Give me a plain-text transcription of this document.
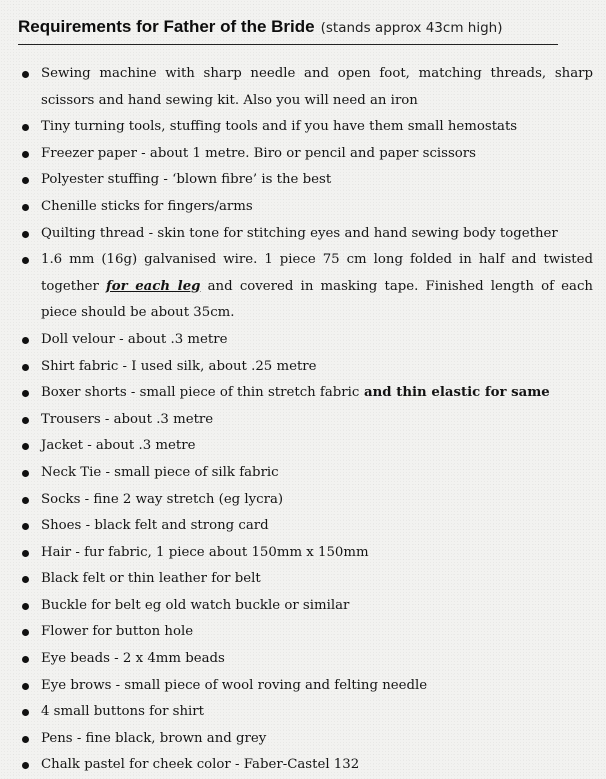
Requirements for Father of the Bride (stands approx 43cm high)
Sewing machine with sharp needle and open foot, matching threads, sharp scissors and hand sewing kit. Also you will need an iron
Tiny turning tools, stuffing tools and if you have them small hemostats
Freezer paper - about 1 metre. Biro or pencil and paper scissors
Polyester stuffing - ‘blown fibre’ is the best
Chenille sticks for fingers/arms
Quilting thread - skin tone for stitching eyes and hand sewing body together
1.6 mm (16g) galvanised wire. 1 piece 75 cm long folded in half and twisted together for each leg and covered in masking tape. Finished length of each piece should be about 35cm.
Doll velour - about .3 metre
Shirt fabric - I used silk, about .25 metre
Boxer shorts - small piece of thin stretch fabric and thin elastic for same
Trousers - about .3 metre
Jacket - about .3 metre
Neck Tie - small piece of silk fabric
Socks - fine 2 way stretch (eg lycra)
Shoes - black felt and strong card
Hair - fur fabric, 1 piece about 150mm x 150mm
Black felt or thin leather for belt
Buckle for belt eg old watch buckle or similar
Flower for button hole
Eye beads - 2 x 4mm beads
Eye brows - small piece of wool roving and felting needle
4 small buttons for shirt
Pens - fine black, brown and grey
Chalk pastel for cheek color - Faber-Castel 132
